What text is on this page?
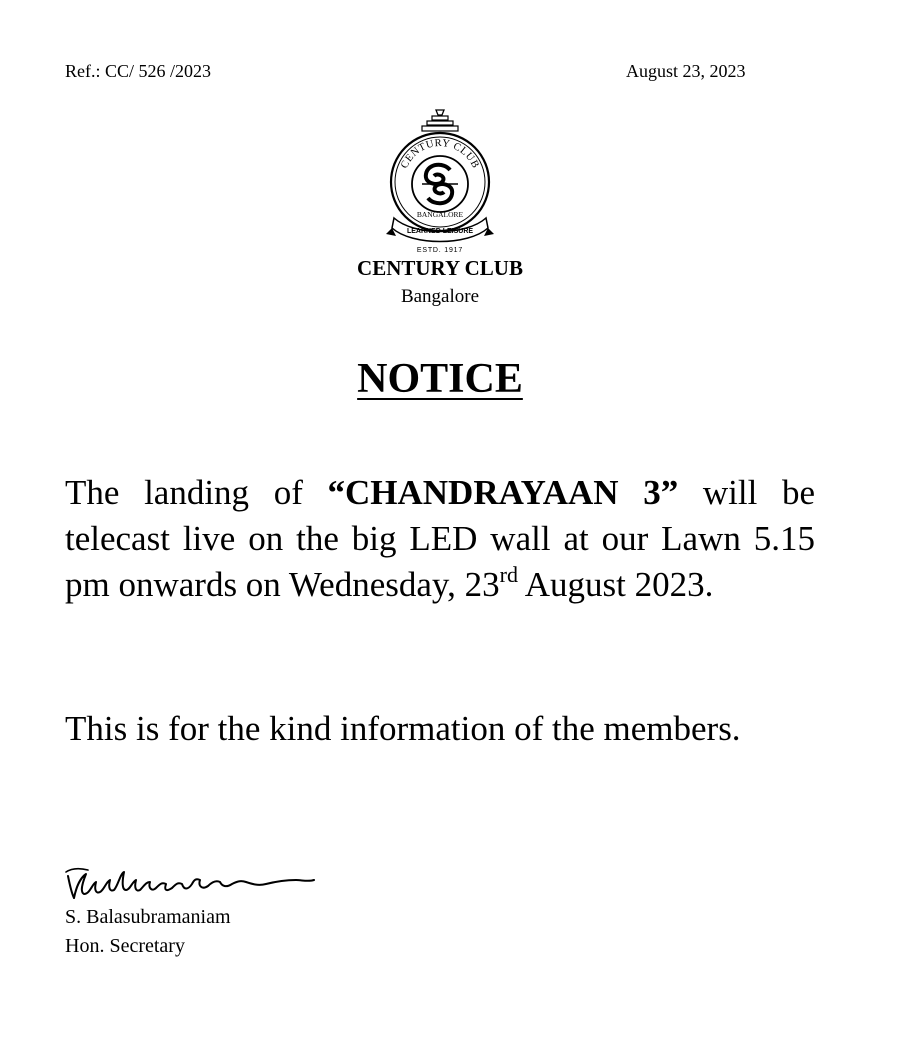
Ref.: CC/ 526 /2023	August 23, 2023
CENTURY CLUB
BANGALORE
LEARNED LEISURE
ESTD. 1917
CENTURY CLUB
Bangalore
NOTICE
The landing of “CHANDRAYAAN 3” will be telecast live on the big LED wall at our Lawn 5.15 pm onwards on Wednesday, 23rd August 2023.
This is for the kind information of the members.
S. Balasubramaniam
Hon. Secretary
